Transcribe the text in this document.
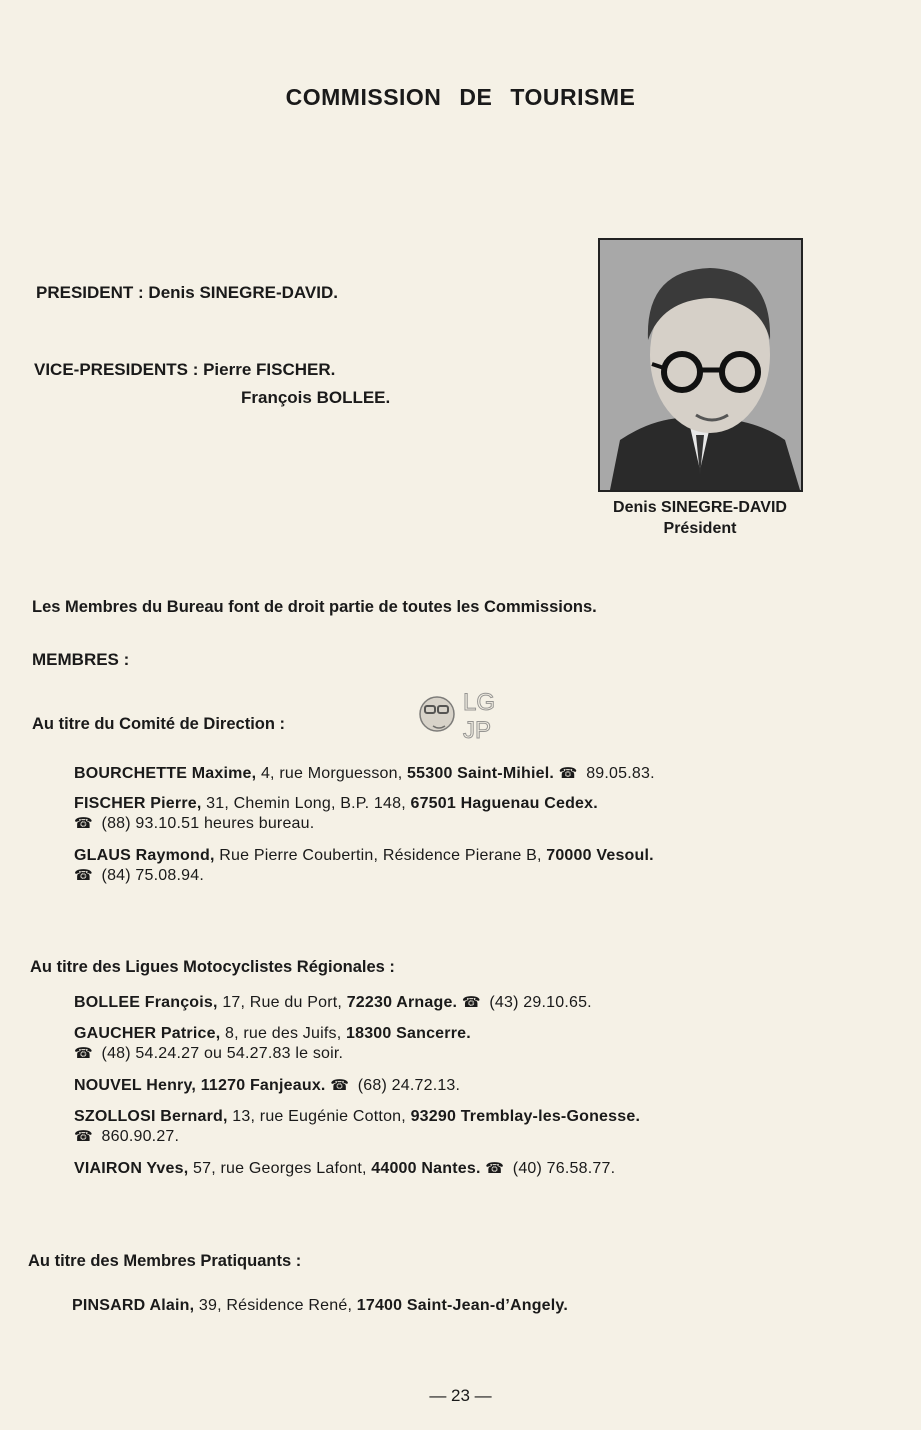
COMMISSION DE TOURISME
PRESIDENT : Denis SINEGRE-DAVID.
VICE-PRESIDENTS : Pierre FISCHER.
François BOLLEE.
Denis SINEGRE-DAVID
Président
Les Membres du Bureau font de droit partie de toutes les Commissions.
MEMBRES :
Au titre du Comité de Direction :
LG
JP
BOURCHETTE Maxime, 4, rue Morguesson, 55300 Saint-Mihiel. ☎ 89.05.83.
FISCHER Pierre, 31, Chemin Long, B.P. 148, 67501 Haguenau Cedex.
☎ (88) 93.10.51 heures bureau.
GLAUS Raymond, Rue Pierre Coubertin, Résidence Pierane B, 70000 Vesoul.
☎ (84) 75.08.94.
Au titre des Ligues Motocyclistes Régionales :
BOLLEE François, 17, Rue du Port, 72230 Arnage. ☎ (43) 29.10.65.
GAUCHER Patrice, 8, rue des Juifs, 18300 Sancerre.
☎ (48) 54.24.27 ou 54.27.83 le soir.
NOUVEL Henry, 11270 Fanjeaux. ☎ (68) 24.72.13.
SZOLLOSI Bernard, 13, rue Eugénie Cotton, 93290 Tremblay-les-Gonesse.
☎ 860.90.27.
VIAIRON Yves, 57, rue Georges Lafont, 44000 Nantes. ☎ (40) 76.58.77.
Au titre des Membres Pratiquants :
PINSARD Alain, 39, Résidence René, 17400 Saint-Jean-d’Angely.
— 23 —
